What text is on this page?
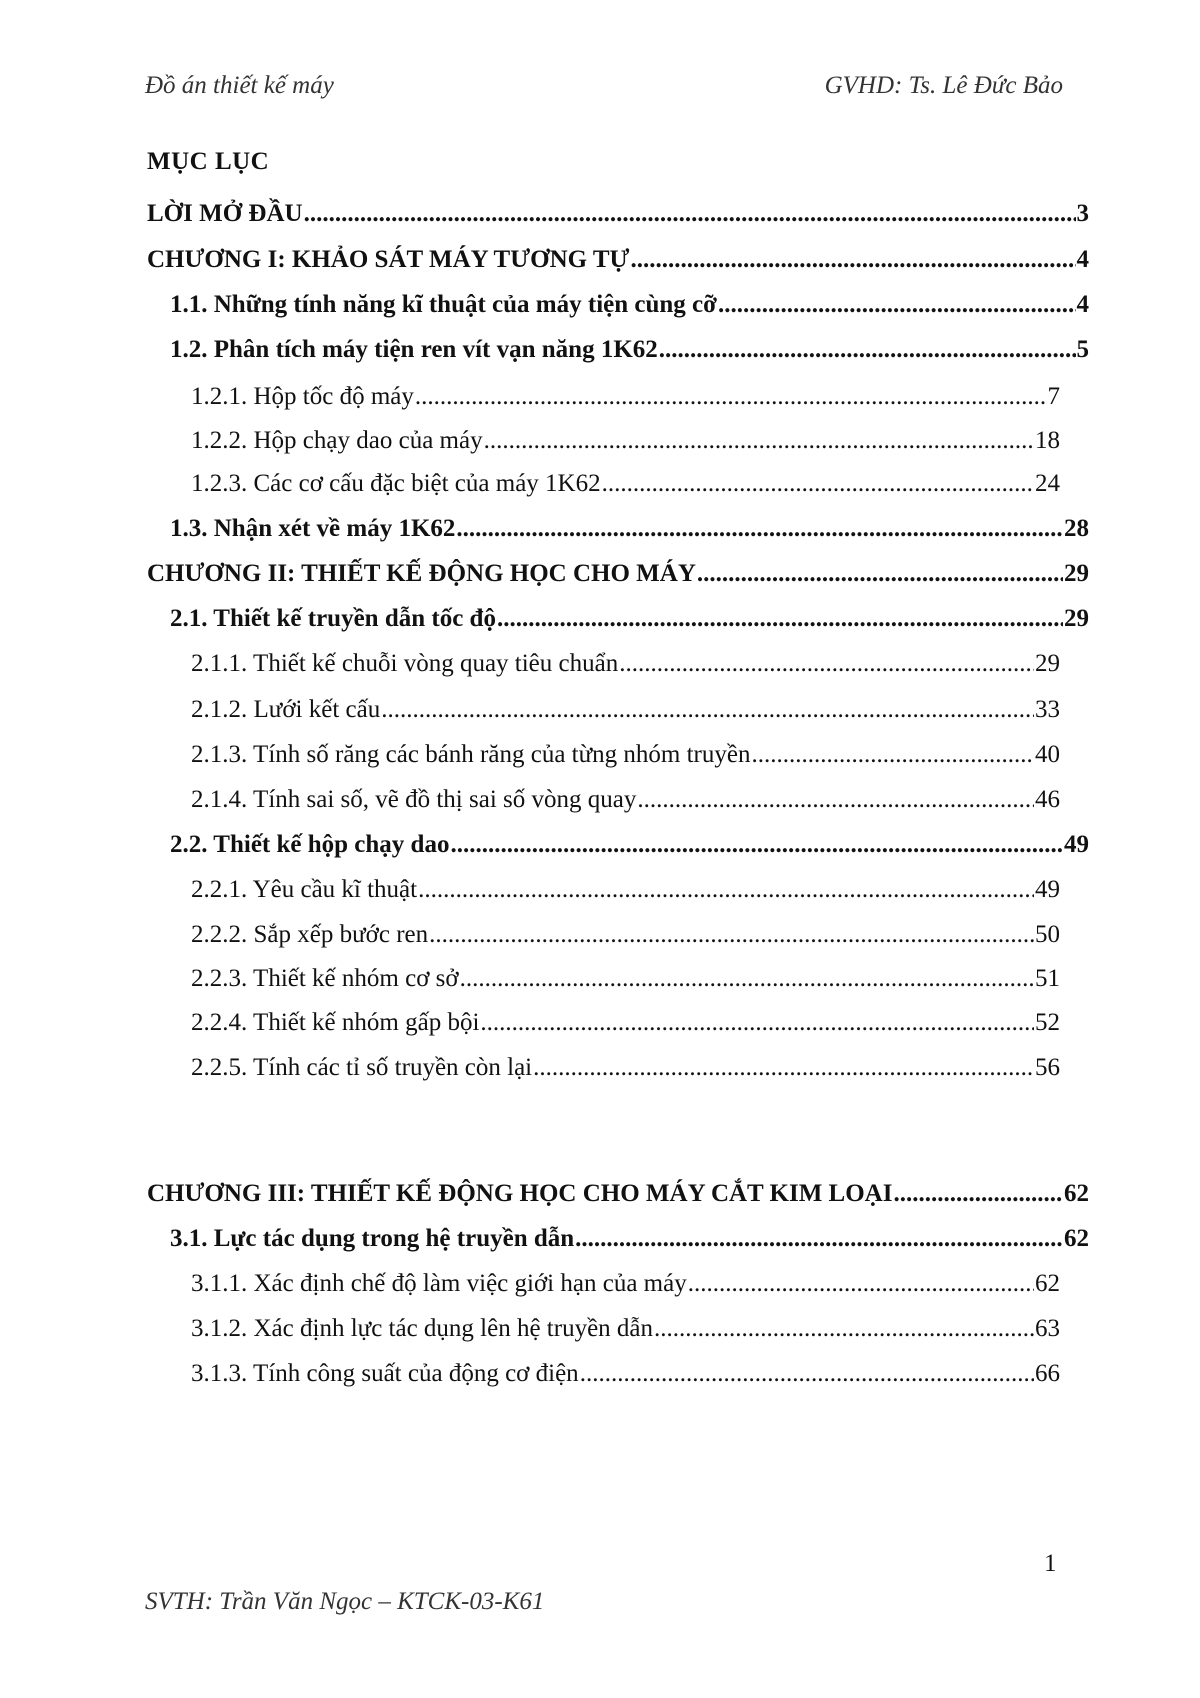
Đồ án thiết kế máy	GVHD: Ts. Lê Đức Bảo
MỤC LỤC
LỜI MỞ ĐẦU .....	3
CHƯƠNG I: KHẢO SÁT MÁY TƯƠNG TỰ .....	4
1.1. Những tính năng kĩ thuật của máy tiện cùng cỡ .....	4
1.2. Phân tích máy tiện ren vít vạn năng 1K62 .....	5
1.2.1. Hộp tốc độ máy .....	7
1.2.2. Hộp chạy dao của máy .....	18
1.2.3. Các cơ cấu đặc biệt của máy 1K62 .....	24
1.3. Nhận xét về máy 1K62 .....	28
CHƯƠNG II: THIẾT KẾ ĐỘNG HỌC CHO MÁY .....	29
2.1. Thiết kế truyền dẫn tốc độ .....	29
2.1.1. Thiết kế chuỗi vòng quay tiêu chuẩn .....	29
2.1.2. Lưới kết cấu .....	33
2.1.3. Tính số răng các bánh răng của từng nhóm truyền .....	40
2.1.4. Tính sai số, vẽ đồ thị sai số vòng quay .....	46
2.2. Thiết kế hộp chạy dao .....	49
2.2.1. Yêu cầu kĩ thuật .....	49
2.2.2. Sắp xếp bước ren .....	50
2.2.3. Thiết kế nhóm cơ sở .....	51
2.2.4. Thiết kế nhóm gấp bội .....	52
2.2.5. Tính các tỉ số truyền còn lại .....	56
CHƯƠNG III: THIẾT KẾ ĐỘNG HỌC CHO MÁY CẮT KIM LOẠI .....	62
3.1. Lực tác dụng trong hệ truyền dẫn .....	62
3.1.1. Xác định chế độ làm việc giới hạn của máy .....	62
3.1.2. Xác định lực tác dụng lên hệ truyền dẫn .....	63
3.1.3. Tính công suất của động cơ điện .....	66
1
SVTH: Trần Văn Ngọc – KTCK-03-K61
